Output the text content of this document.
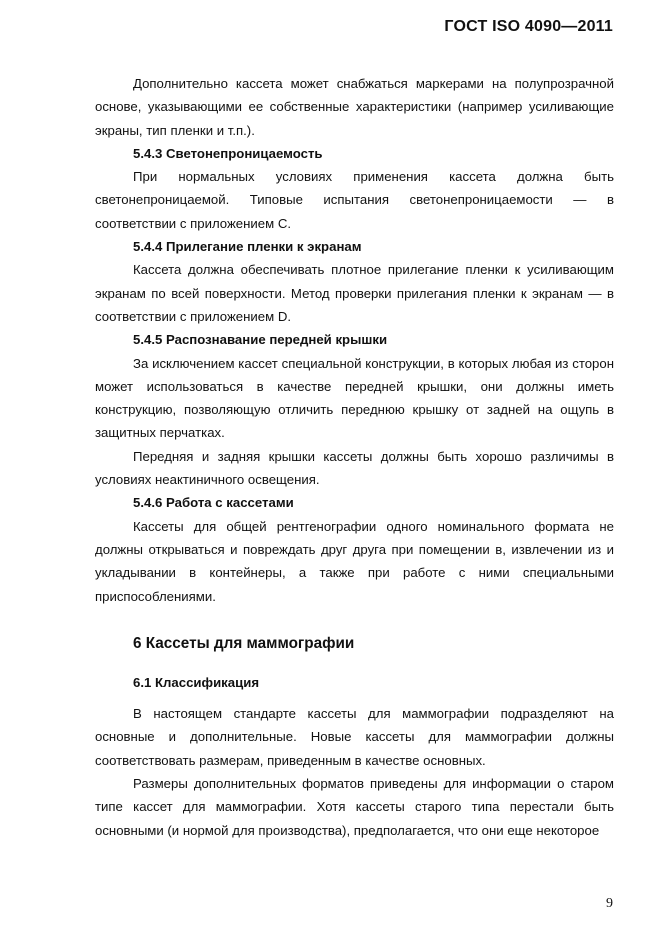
ГОСТ ISO 4090—2011

Дополнительно кассета может снабжаться маркерами на полупрозрачной основе, указывающими ее собственные характеристики (например усиливающие экраны, тип пленки и т.п.).

5.4.3 Светонепроницаемость

При нормальных условиях применения кассета должна быть светонепроницаемой. Типовые испытания светонепроницаемости — в соответствии с приложением С.

5.4.4 Прилегание пленки к экранам

Кассета должна обеспечивать плотное прилегание пленки к усиливающим экранам по всей поверхности. Метод проверки прилегания пленки к экранам — в соответствии с приложением D.

5.4.5 Распознавание передней крышки

За исключением кассет специальной конструкции, в которых любая из сторон может использоваться в качестве передней крышки, они должны иметь конструкцию, позволяющую отличить переднюю крышку от задней на ощупь в защитных перчатках.

Передняя и задняя крышки кассеты должны быть хорошо различимы в условиях неактиничного освещения.

5.4.6 Работа с кассетами

Кассеты для общей рентгенографии одного номинального формата не должны открываться и повреждать друг друга при помещении в, извлечении из и укладывании в контейнеры, а также при работе с ними специальными приспособлениями.

6 Кассеты для маммографии

6.1 Классификация

В настоящем стандарте кассеты для маммографии подразделяют на основные и дополнительные. Новые кассеты для маммографии должны соответствовать размерам, приведенным в качестве основных.

Размеры дополнительных форматов приведены для информации о старом типе кассет для маммографии. Хотя кассеты старого типа перестали быть основными (и нормой для производства), предполагается, что они еще некоторое

9
